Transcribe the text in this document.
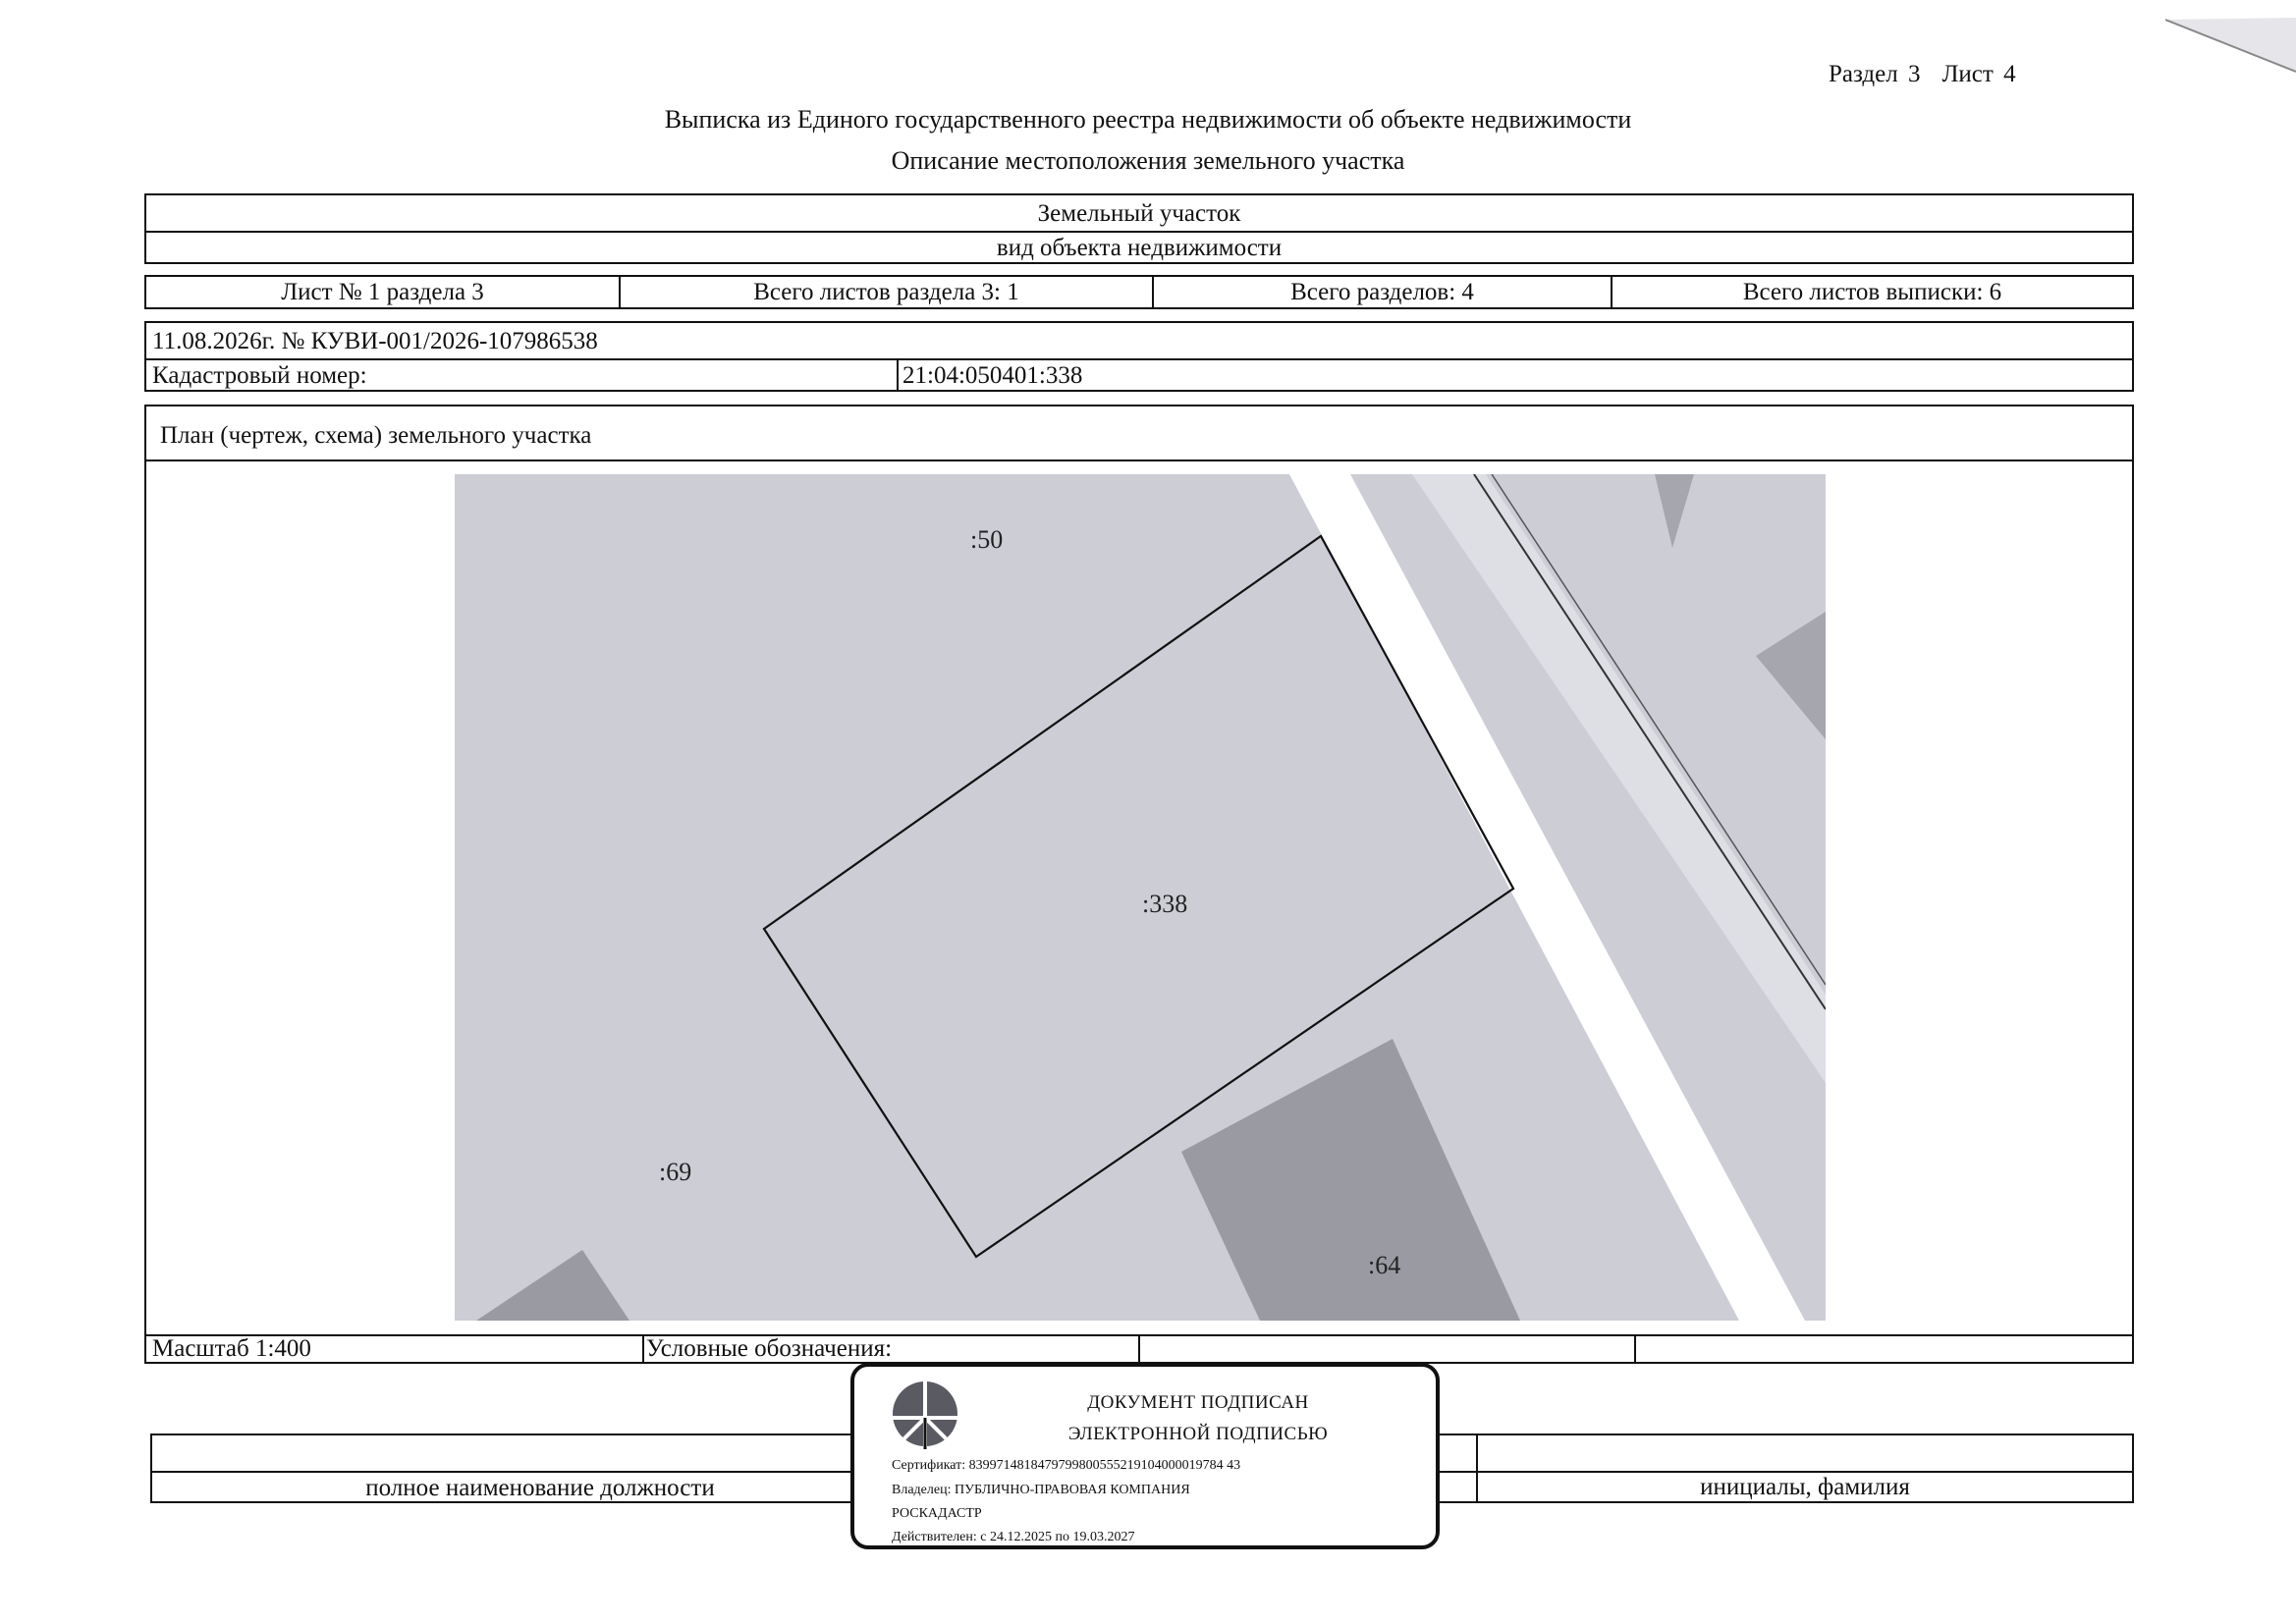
Раздел 3 Лист 4
Выписка из Единого государственного реестра недвижимости об объекте недвижимости
Описание местоположения земельного участка
Земельный участок
вид объекта недвижимости
Лист № 1 раздела 3	Всего листов раздела 3: 1	Всего разделов: 4	Всего листов выписки: 6
11.08.2026г. № КУВИ-001/2026-107986538
Кадастровый номер:	21:04:050401:338
План (чертеж, схема) земельного участка
Масштаб 1:400	Условные обозначения:
:50
:338
:69
:64
полное наименование должности	инициалы, фамилия
ДОКУМЕНТ ПОДПИСАН
ЭЛЕКТРОННОЙ ПОДПИСЬЮ
Сертификат: 8399714818479799800555219104000019784 43
Владелец: ПУБЛИЧНО-ПРАВОВАЯ КОМПАНИЯ
РОСКАДАСТР
Действителен: с 24.12.2025 по 19.03.2027
